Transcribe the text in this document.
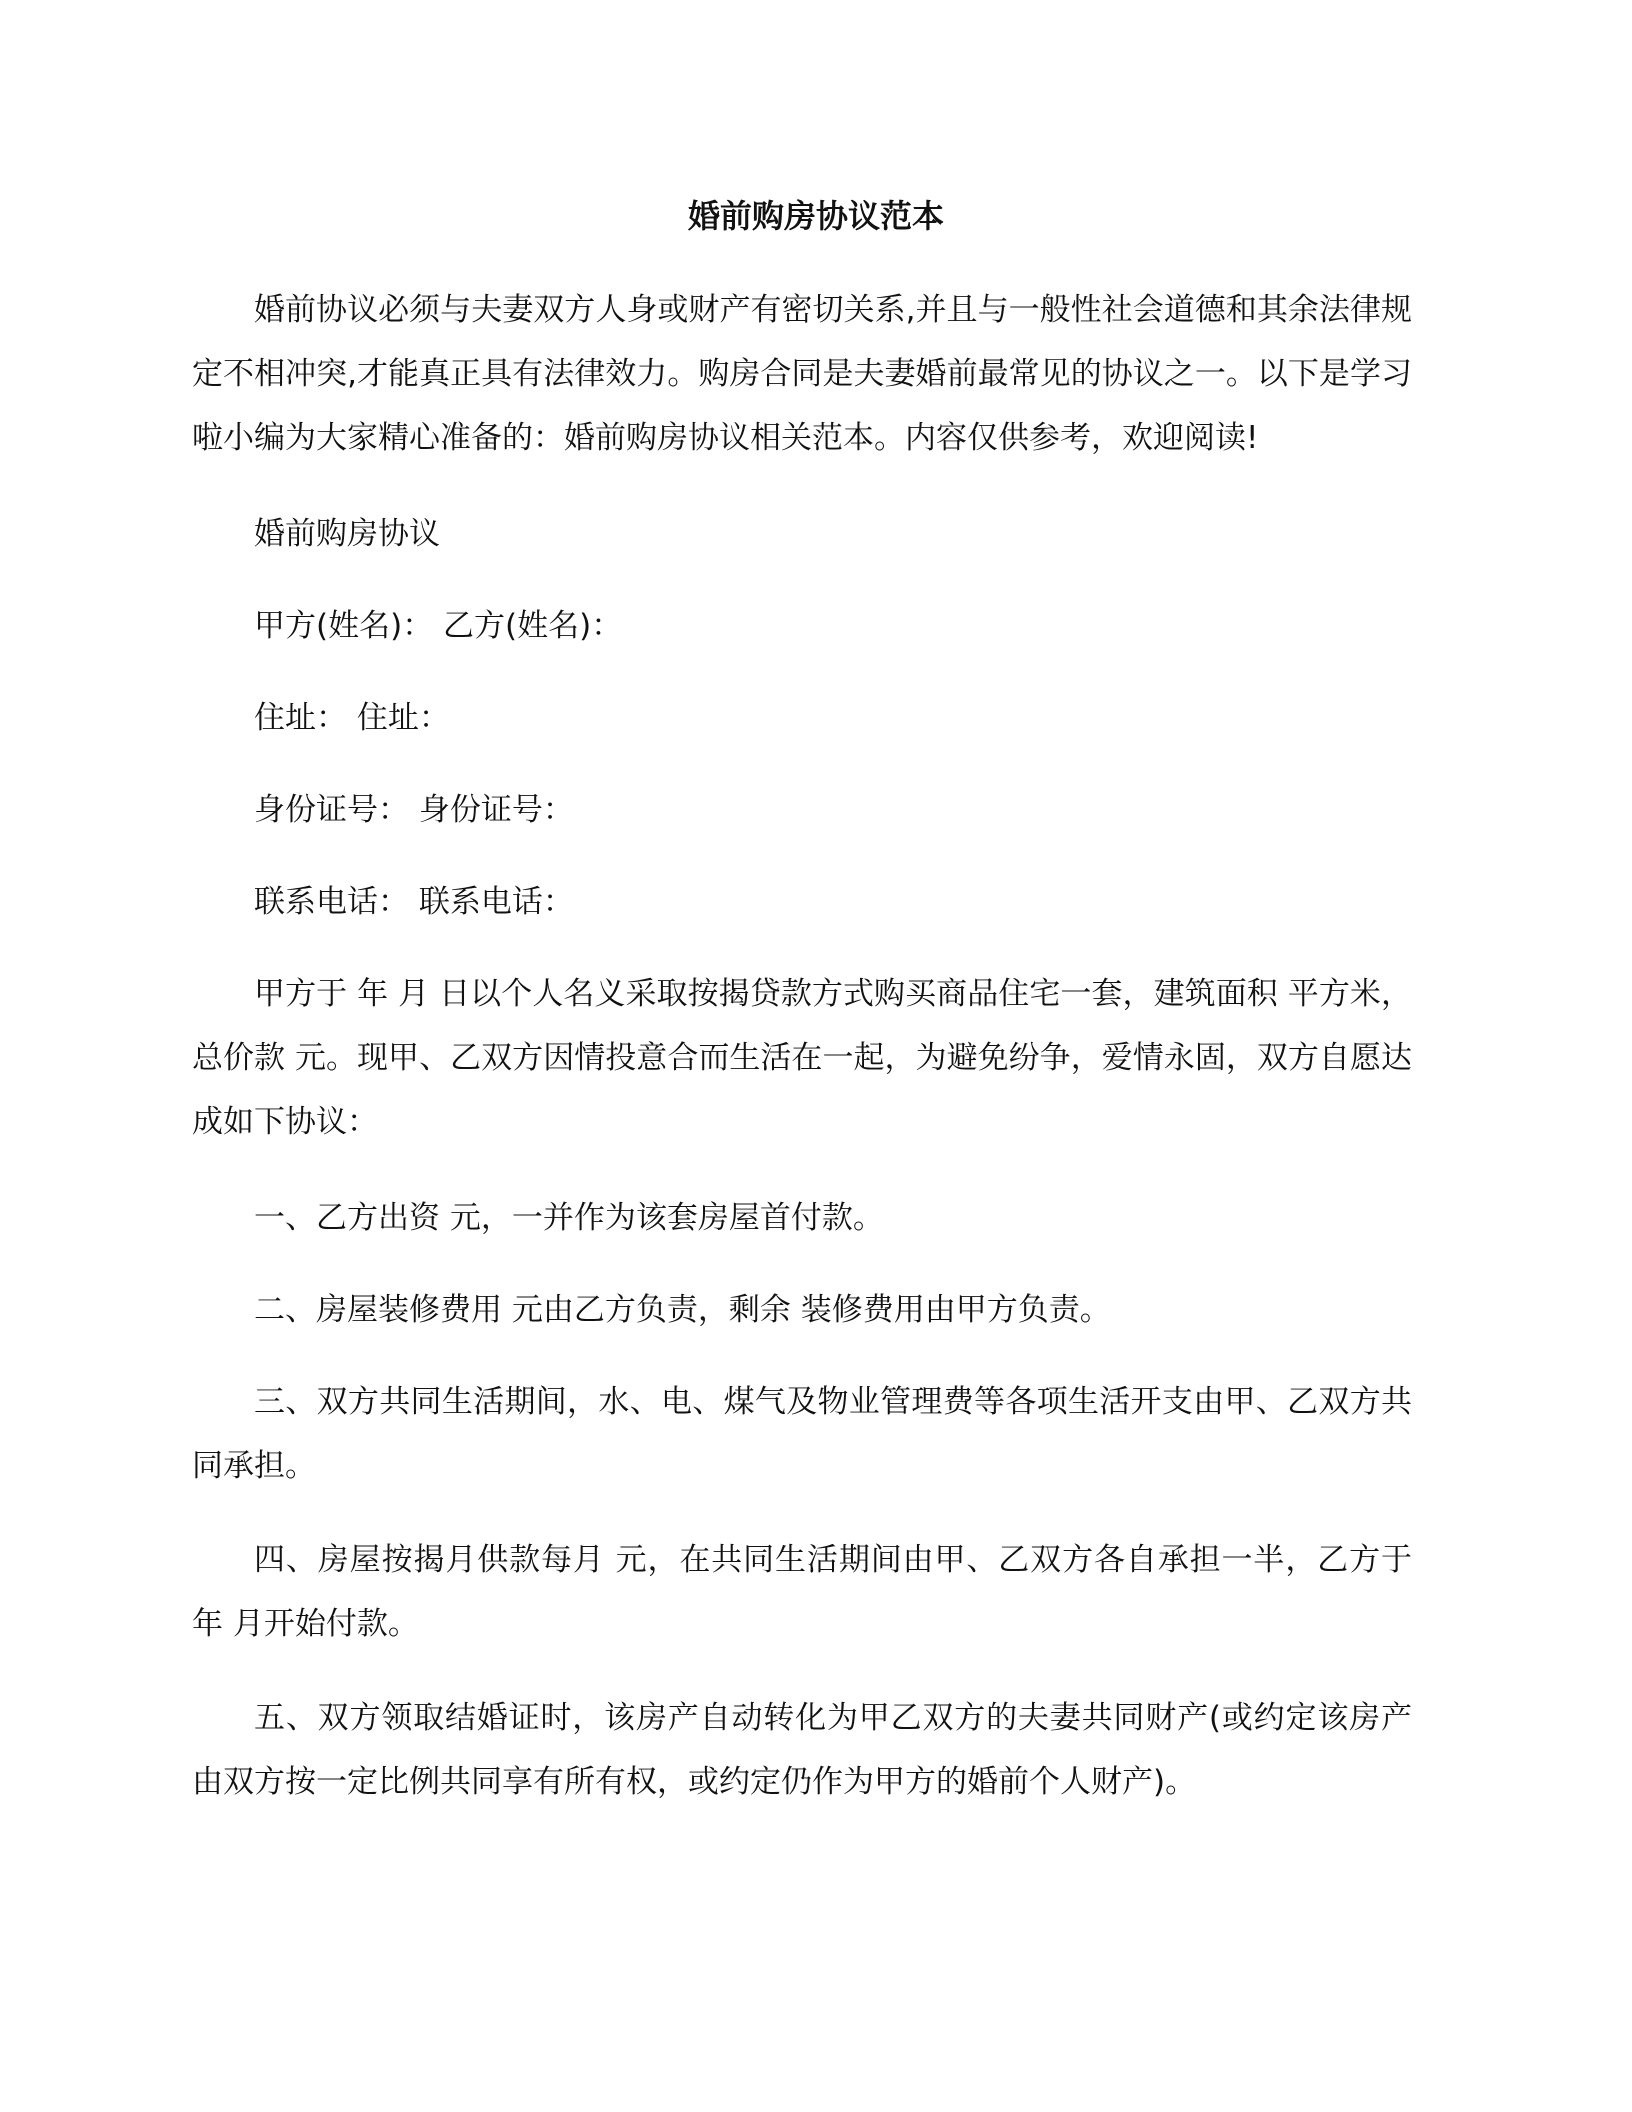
婚前购房协议范本

婚前协议必须与夫妻双方人身或财产有密切关系,并且与一般性社会道德和其余法律规定不相冲突,才能真正具有法律效力。购房合同是夫妻婚前最常见的协议之一。以下是学习啦小编为大家精心准备的：婚前购房协议相关范本。内容仅供参考，欢迎阅读!

婚前购房协议

甲方(姓名)： 乙方(姓名)：

住址： 住址：

身份证号： 身份证号：

联系电话： 联系电话：

甲方于 年 月 日以个人名义采取按揭贷款方式购买商品住宅一套，建筑面积 平方米，总价款 元。现甲、乙双方因情投意合而生活在一起，为避免纷争，爱情永固，双方自愿达成如下协议：

一、乙方出资 元，一并作为该套房屋首付款。

二、房屋装修费用 元由乙方负责，剩余 装修费用由甲方负责。

三、双方共同生活期间，水、电、煤气及物业管理费等各项生活开支由甲、乙双方共同承担。

四、房屋按揭月供款每月 元，在共同生活期间由甲、乙双方各自承担一半，乙方于 年 月开始付款。

五、双方领取结婚证时，该房产自动转化为甲乙双方的夫妻共同财产(或约定该房产由双方按一定比例共同享有所有权，或约定仍作为甲方的婚前个人财产)。
